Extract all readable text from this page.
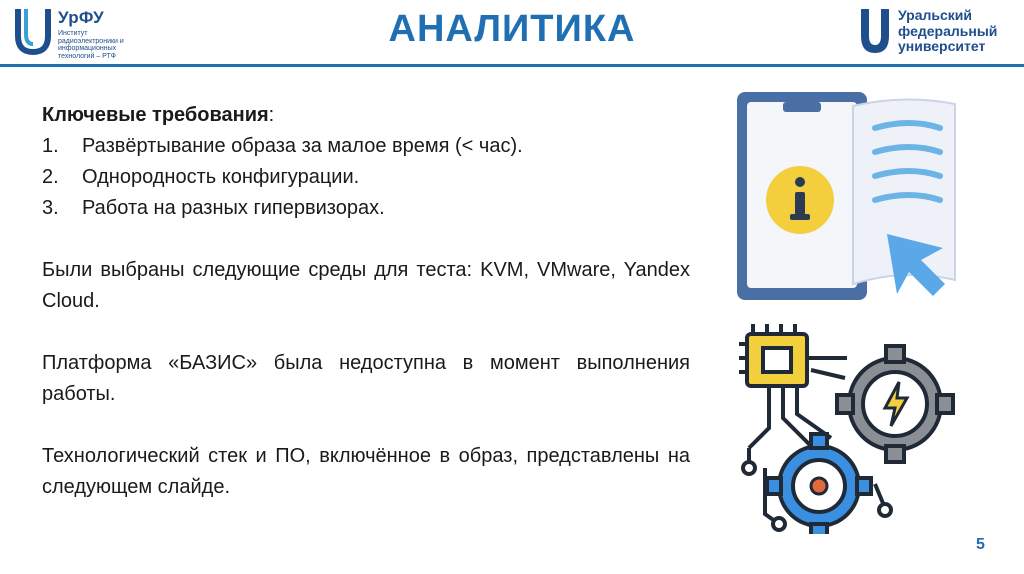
УрФУ
Институт радиоэлектроники и информационных технологий – РТФ
АНАЛИТИКА	Уральский
федеральный
университет
Ключевые требования:
1.	Развёртывание образа за малое время (< час).
2.	Однородность конфигурации.
3.	Работа на разных гипервизорах.

Были выбраны следующие среды для теста: KVM, VMware, Yandex Cloud.

Платформа «БАЗИС» была недоступна в момент выполнения работы.

Технологический стек и ПО, включённое в образ, представлены на следующем слайде.

5
